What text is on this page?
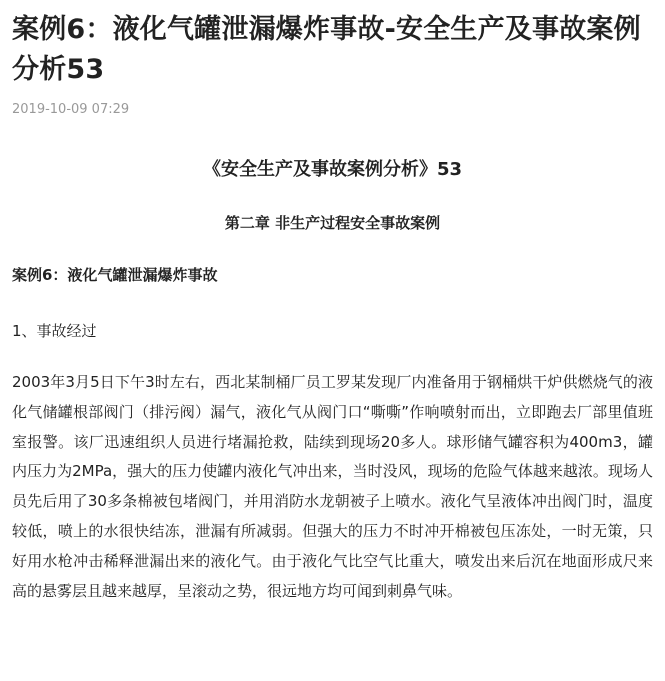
案例6：液化气罐泄漏爆炸事故-安全生产及事故案例分析53
2019-10-09 07:29
《安全生产及事故案例分析》53
第二章 非生产过程安全事故案例
案例6：液化气罐泄漏爆炸事故
1、事故经过

2003年3月5日下午3时左右，西北某制桶厂员工罗某发现厂内准备用于钢桶烘干炉供燃烧气的液化气储罐根部阀门（排污阀）漏气，液化气从阀门口“嘶嘶”作响喷射而出，立即跑去厂部里值班室报警。该厂迅速组织人员进行堵漏抢救，陆续到现场20多人。球形储气罐容积为400m3，罐内压力为2MPa，强大的压力使罐内液化气冲出来，当时没风，现场的危险气体越来越浓。现场人员先后用了30多条棉被包堵阀门，并用消防水龙朝被子上喷水。液化气呈液体冲出阀门时，温度较低，喷上的水很快结冻，泄漏有所减弱。但强大的压力不时冲开棉被包压冻处，一时无策，只好用水枪冲击稀释泄漏出来的液化气。由于液化气比空气比重大，喷发出来后沉在地面形成尺来高的悬雾层且越来越厚，呈滚动之势，很远地方均可闻到刺鼻气味。
